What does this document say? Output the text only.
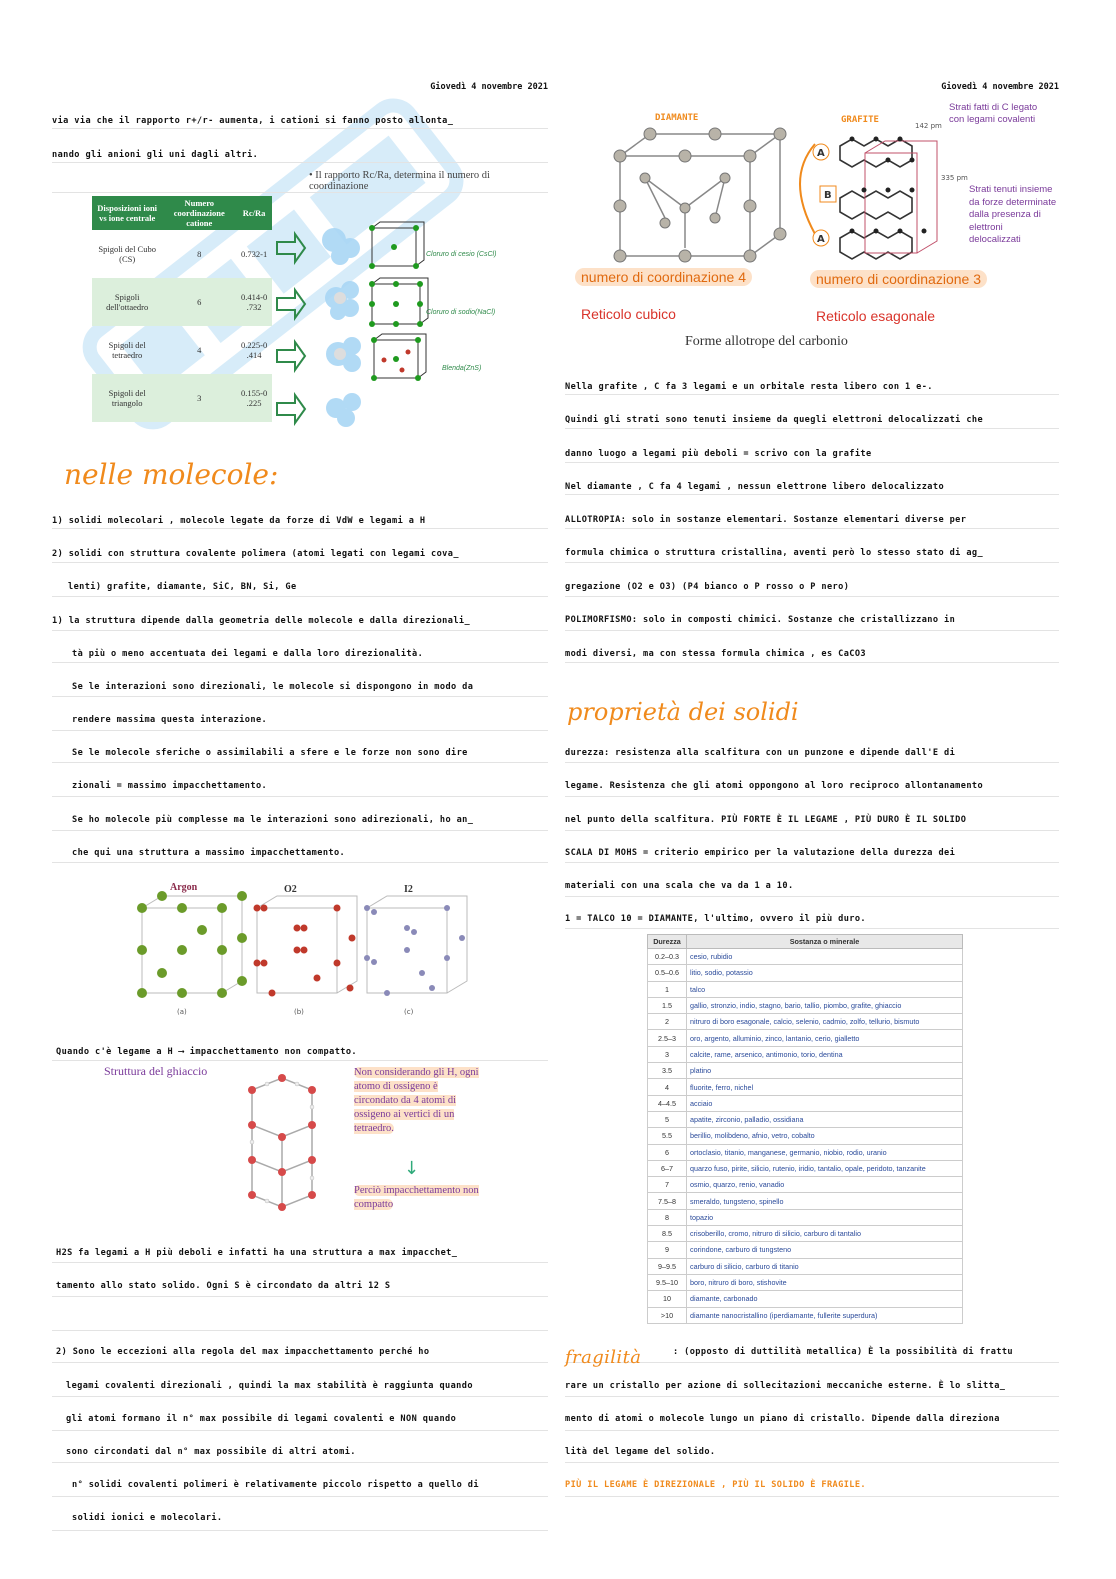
Giovedì 4 novembre 2021
via via che il rapporto r+/r- aumenta, i cationi si fanno posto allonta_
nando gli anioni gli uni dagli altri.
• Il rapporto Rc/Ra, determina il numero di coordinazione
Disposizioni ioni vs ione centrale	Numero coordinazione catione	Rc/Ra
Spigoli del Cubo (CS)	8	0.732-1
Spigoli dell'ottaedro	6	0.414-0 .732
Spigoli del tetraedro	4	0.225-0 .414
Spigoli del triangolo	3	0.155-0 .225
Cloruro di cesio (CsCl)
Cloruro di sodio(NaCl)
Blenda(ZnS)
nelle molecole:
1) solidi molecolari , molecole legate da forze di VdW e legami a H
2) solidi con struttura covalente polimera (atomi legati con legami cova_
lenti) grafite, diamante, SiC, BN, Si, Ge
1) la struttura dipende dalla geometria delle molecole e dalla direzionali_
tà più o meno accentuata dei legami e dalla loro direzionalità.
Se le interazioni sono direzionali, le molecole si dispongono in modo da
rendere massima questa interazione.
Se le molecole sferiche o assimilabili a sfere e le forze non sono dire
zionali = massimo impacchettamento.
Se ho molecole più complesse ma le interazioni sono adirezionali, ho an_
che qui una struttura a massimo impacchettamento.
Argon	O2	I2
(a)	(b)	(c)
Quando c'è legame a H ⟶ impacchettamento non compatto.
Struttura del ghiaccio	Non considerando gli H, ogni atomo di ossigeno è circondato da 4 atomi di ossigeno ai vertici di un tetraedro.
↓
Perciò impacchettamento non compatto
H2S fa legami a H più deboli e infatti ha una struttura a max impacchet_
tamento allo stato solido. Ogni S è circondato da altri 12 S
2) Sono le eccezioni alla regola del max impacchettamento perché ho
legami covalenti direzionali , quindi la max stabilità è raggiunta quando
gli atomi formano il n° max possibile di legami covalenti e NON quando
sono circondati dal n° max possibile di altri atomi.
n° solidi covalenti polimeri è relativamente piccolo rispetto a quello di
solidi ionici e molecolari.
Giovedì 4 novembre 2021
DIAMANTE	GRAFITE
A
B
A
142 pm
335 pm
Strati fatti di C legato con legami covalenti
Strati tenuti insieme da forze determinate dalla presenza di elettroni delocalizzati
numero di coordinazione 4	numero di coordinazione 3
Reticolo cubico	Reticolo esagonale
Forme allotrope del carbonio
Nella grafite , C fa 3 legami e un orbitale resta libero con 1 e-.
Quindi gli strati sono tenuti insieme da quegli elettroni delocalizzati che
danno luogo a legami più deboli = scrivo con la grafite
Nel diamante , C fa 4 legami , nessun elettrone libero delocalizzato
ALLOTROPIA: solo in sostanze elementari. Sostanze elementari diverse per
formula chimica o struttura cristallina, aventi però lo stesso stato di ag_
gregazione (O2 e O3) (P4 bianco o P rosso o P nero)
POLIMORFISMO: solo in composti chimici. Sostanze che cristallizzano in
modi diversi, ma con stessa formula chimica , es CaCO3
proprietà dei solidi
durezza: resistenza alla scalfitura con un punzone e dipende dall'E di
legame. Resistenza che gli atomi oppongono al loro reciproco allontanamento
nel punto della scalfitura. PIÙ FORTE È IL LEGAME , PIÙ DURO È IL SOLIDO
SCALA DI MOHS = criterio empirico per la valutazione della durezza dei
materiali con una scala che va da 1 a 10.
1 = TALCO 10 = DIAMANTE, l'ultimo, ovvero il più duro.
Durezza	Sostanza o minerale
0.2–0.3	cesio, rubidio
0.5–0.6	litio, sodio, potassio
1	talco
1.5	gallio, stronzio, indio, stagno, bario, tallio, piombo, grafite, ghiaccio
2	nitruro di boro esagonale, calcio, selenio, cadmio, zolfo, tellurio, bismuto
2.5–3	oro, argento, alluminio, zinco, lantanio, cerio, gialletto
3	calcite, rame, arsenico, antimonio, torio, dentina
3.5	platino
4	fluorite, ferro, nichel
4–4.5	acciaio
5	apatite, zirconio, palladio, ossidiana
5.5	berillio, molibdeno, afnio, vetro, cobalto
6	ortoclasio, titanio, manganese, germanio, niobio, rodio, uranio
6–7	quarzo fuso, pirite, silicio, rutenio, iridio, tantalio, opale, peridoto, tanzanite
7	osmio, quarzo, renio, vanadio
7.5–8	smeraldo, tungsteno, spinello
8	topazio
8.5	crisoberillo, cromo, nitruro di silicio, carburo di tantalio
9	corindone, carburo di tungsteno
9–9.5	carburo di silicio, carburo di titanio
9.5–10	boro, nitruro di boro, stishovite
10	diamante, carbonado
>10	diamante nanocristallino (iperdiamante, fullerite superdura)
fragilità	: (opposto di duttilità metallica) È la possibilità di frattu
rare un cristallo per azione di sollecitazioni meccaniche esterne. È lo slitta_
mento di atomi o molecole lungo un piano di cristallo. Dipende dalla direziona
lità del legame del solido.
PIÙ IL LEGAME È DIREZIONALE , PIÙ IL SOLIDO È FRAGILE.
